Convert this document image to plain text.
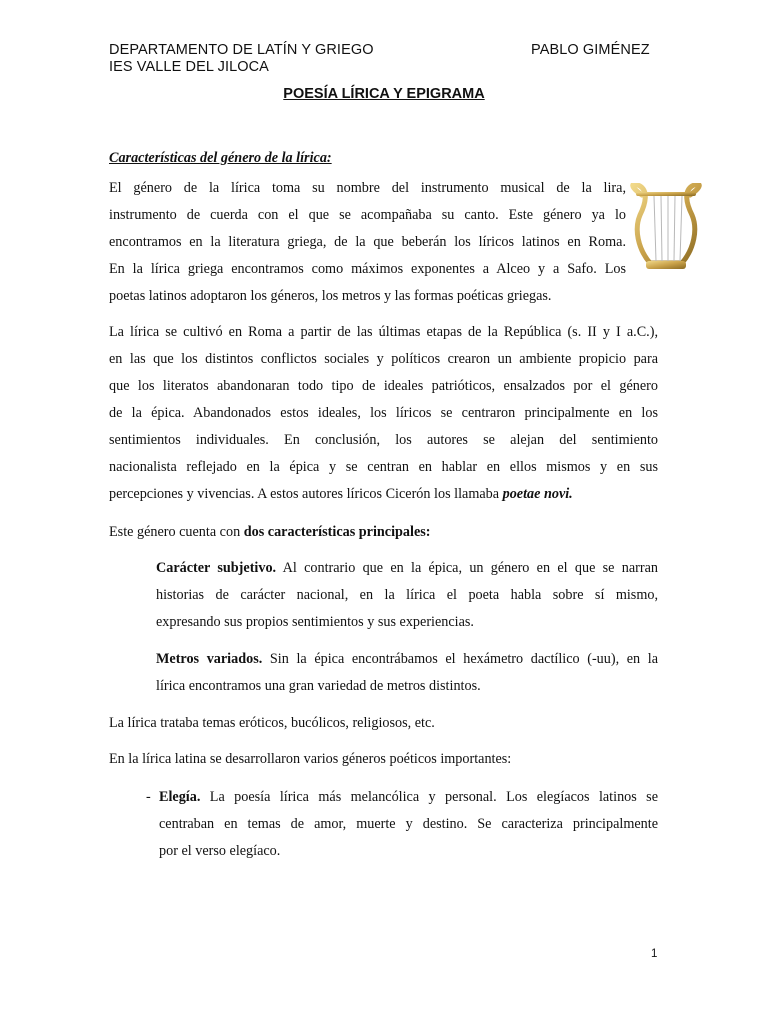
DEPARTAMENTO DE LATÍN Y GRIEGO
IES VALLE DEL JILOCA
PABLO GIMÉNEZ
POESÍA LÍRICA Y EPIGRAMA
Características del género de la lírica:
El género de la lírica toma su nombre del instrumento musical de la lira,
instrumento de cuerda con el que se acompañaba su canto. Este género ya lo
encontramos en la literatura griega, de la que beberán los líricos latinos en Roma.
En la lírica griega encontramos como máximos exponentes a Alceo y a Safo. Los
poetas latinos adoptaron los géneros, los metros y las formas poéticas griegas.
La lírica se cultivó en Roma a partir de las últimas etapas de la República (s. II y I a.C.),
en las que los distintos conflictos sociales y políticos crearon un ambiente propicio para
que los literatos abandonaran todo tipo de ideales patrióticos, ensalzados por el género
de la épica. Abandonados estos ideales, los líricos se centraron principalmente en los
sentimientos individuales. En conclusión, los autores se alejan del sentimiento
nacionalista reflejado en la épica y se centran en hablar en ellos mismos y en sus
percepciones y vivencias. A estos autores líricos Cicerón los llamaba poetae novi.
Este género cuenta con dos características principales:
Carácter subjetivo. Al contrario que en la épica, un género en el que se narran
historias de carácter nacional, en la lírica el poeta habla sobre sí mismo,
expresando sus propios sentimientos y sus experiencias.
Metros variados. Sin la épica encontrábamos el hexámetro dactílico (-uu), en la
lírica encontramos una gran variedad de metros distintos.
La lírica trataba temas eróticos, bucólicos, religiosos, etc.
En la lírica latina se desarrollaron varios géneros poéticos importantes:
- Elegía. La poesía lírica más melancólica y personal. Los elegíacos latinos se
centraban en temas de amor, muerte y destino. Se caracteriza principalmente
por el verso elegíaco.
1
